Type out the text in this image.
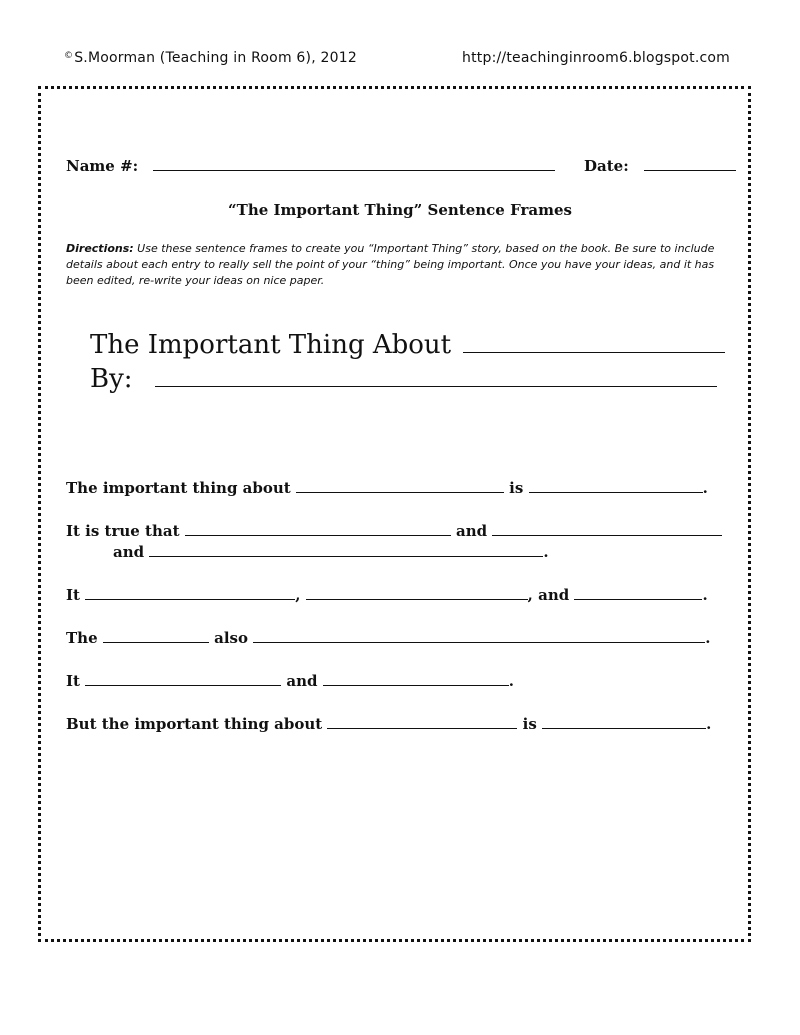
©S.Moorman (Teaching in Room 6), 2012	http://teachinginroom6.blogspot.com
Name #:	Date:
“The Important Thing” Sentence Frames
Directions: Use these sentence frames to create you “Important Thing” story, based on the book. Be sure to include details about each entry to really sell the point of your “thing” being important. Once you have your ideas, and it has been edited, re-write your ideas on nice paper.
The Important Thing About
By:
The important thing about	is	.
It is true that	and
and	.
It	,	, and	.
The	also	.
It	and	.
But the important thing about	is	.
